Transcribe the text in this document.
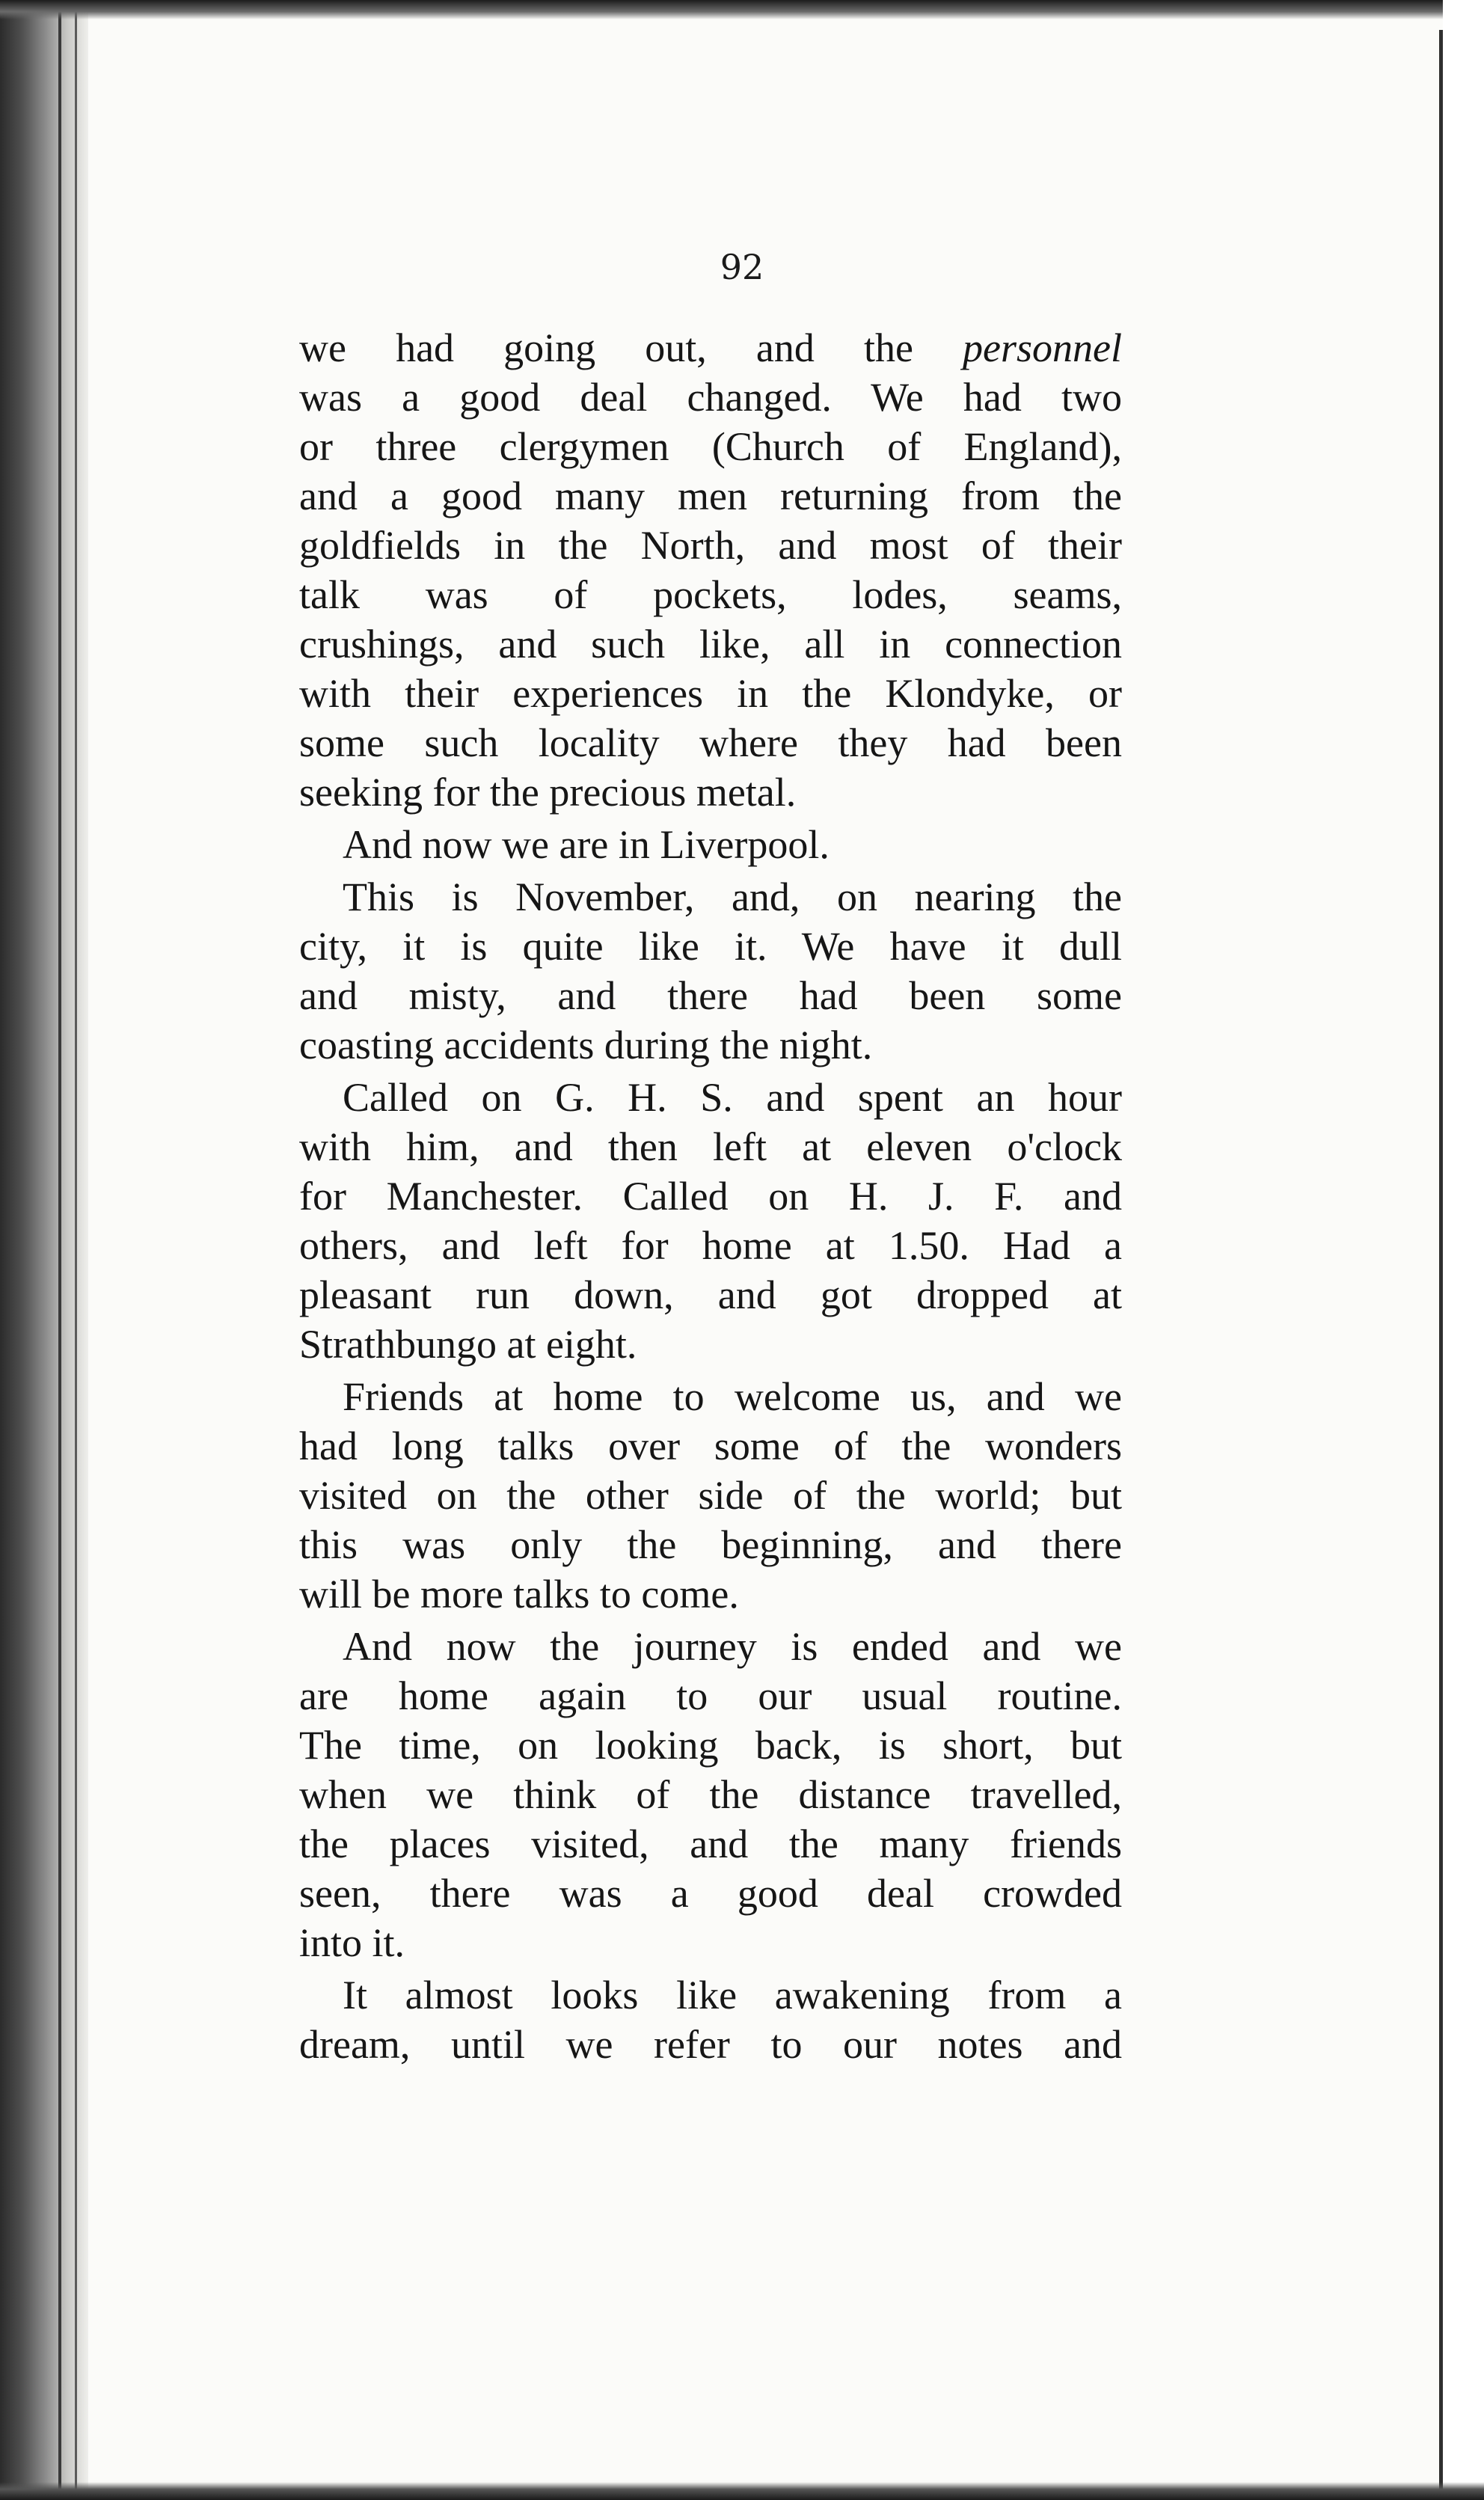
92
we had going out, and the personnel
was a good deal changed. We had two
or three clergymen (Church of England),
and a good many men returning from the
goldfields in the North, and most of their
talk was of pockets, lodes, seams,
crushings, and such like, all in connection
with their experiences in the Klondyke, or
some such locality where they had been
seeking for the precious metal.
And now we are in Liverpool.
This is November, and, on nearing the
city, it is quite like it. We have it dull
and misty, and there had been some
coasting accidents during the night.
Called on G. H. S. and spent an hour
with him, and then left at eleven o'clock
for Manchester. Called on H. J. F. and
others, and left for home at 1.50. Had a
pleasant run down, and got dropped at
Strathbungo at eight.
Friends at home to welcome us, and we
had long talks over some of the wonders
visited on the other side of the world; but
this was only the beginning, and there
will be more talks to come.
And now the journey is ended and we
are home again to our usual routine.
The time, on looking back, is short, but
when we think of the distance travelled,
the places visited, and the many friends
seen, there was a good deal crowded
into it.
It almost looks like awakening from a
dream, until we refer to our notes and
